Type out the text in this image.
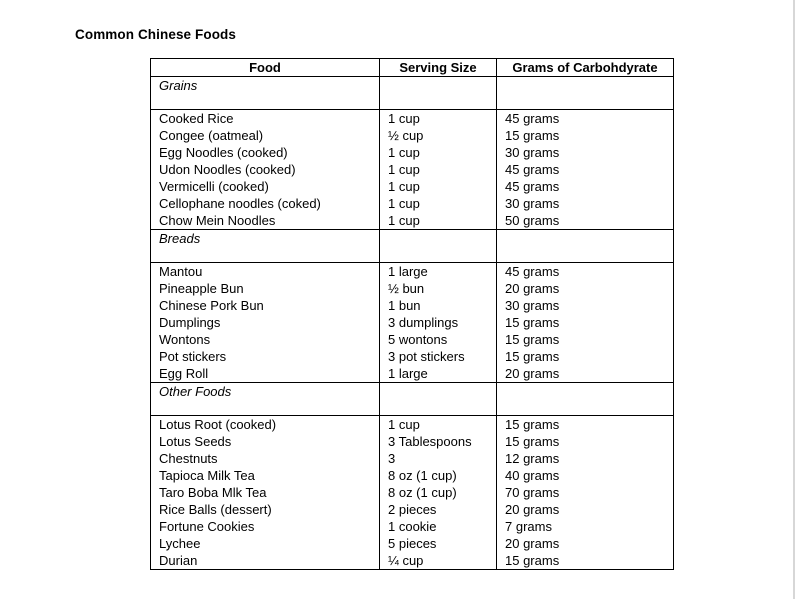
Common Chinese Foods
Food	Serving Size	Grams of Carbohdyrate
Grains		
Cooked Rice	1 cup	45 grams
Congee (oatmeal)	½ cup	15 grams
Egg Noodles (cooked)	1 cup	30 grams
Udon Noodles (cooked)	1 cup	45 grams
Vermicelli (cooked)	1 cup	45 grams
Cellophane noodles (coked)	1 cup	30 grams
Chow Mein Noodles	1 cup	50 grams
Breads		
Mantou	1 large	45 grams
Pineapple Bun	½ bun	20 grams
Chinese Pork Bun	1 bun	30 grams
Dumplings	3 dumplings	15 grams
Wontons	5 wontons	15 grams
Pot stickers	3 pot stickers	15 grams
Egg Roll	1 large	20 grams
Other Foods		
Lotus Root (cooked)	1 cup	15 grams
Lotus Seeds	3 Tablespoons	15 grams
Chestnuts	3	12 grams
Tapioca Milk Tea	8 oz (1 cup)	40 grams
Taro Boba Mlk Tea	8 oz (1 cup)	70 grams
Rice Balls (dessert)	2 pieces	20 grams
Fortune Cookies	1 cookie	7 grams
Lychee	5 pieces	20 grams
Durian	¼ cup	15 grams
